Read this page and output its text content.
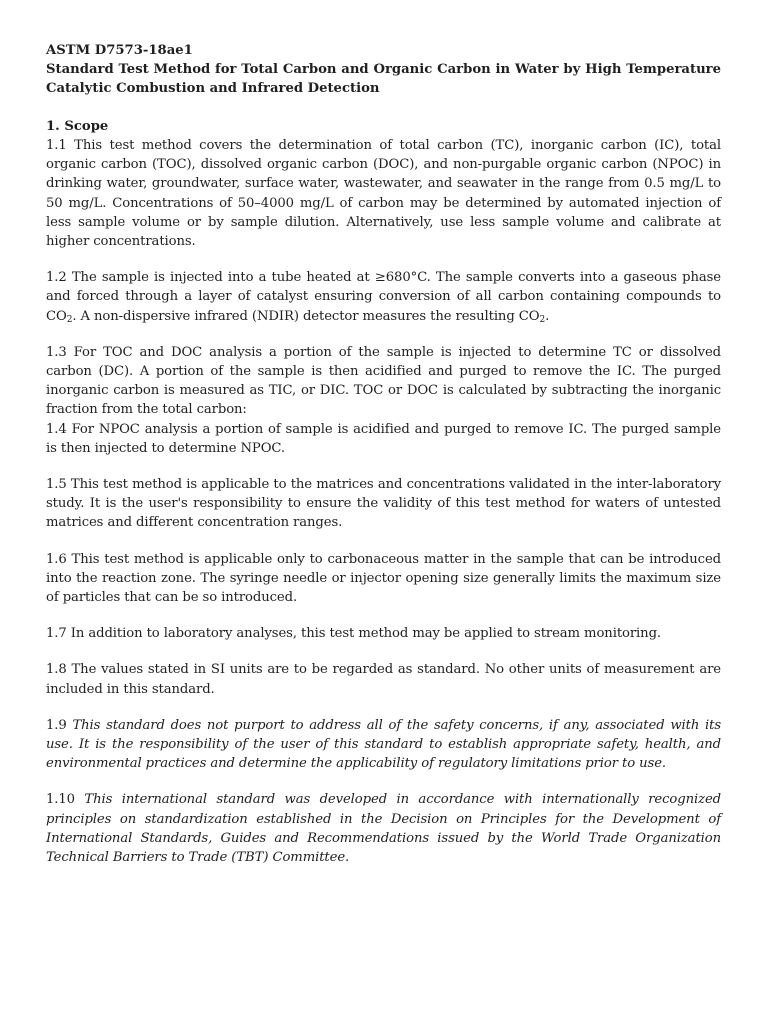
ASTM D7573-18ae1

Standard Test Method for Total Carbon and Organic Carbon in Water by High Temperature Catalytic Combustion and Infrared Detection

1. Scope

1.1 This test method covers the determination of total carbon (TC), inorganic carbon (IC), total organic carbon (TOC), dissolved organic carbon (DOC), and non-purgable organic carbon (NPOC) in drinking water, groundwater, surface water, wastewater, and seawater in the range from 0.5 mg/L to 50 mg/L. Concentrations of 50–4000 mg/L of carbon may be determined by automated injection of less sample volume or by sample dilution. Alternatively, use less sample volume and calibrate at higher concentrations.

1.2 The sample is injected into a tube heated at ≥680°C. The sample converts into a gaseous phase and forced through a layer of catalyst ensuring conversion of all carbon containing compounds to $CO_2$. A non-dispersive infrared (NDIR) detector measures the resulting $CO_2$.

1.3 For TOC and DOC analysis a portion of the sample is injected to determine TC or dissolved carbon (DC). A portion of the sample is then acidified and purged to remove the IC. The purged inorganic carbon is measured as TIC, or DIC. TOC or DOC is calculated by subtracting the inorganic fraction from the total carbon:

1.4 For NPOC analysis a portion of sample is acidified and purged to remove IC. The purged sample is then injected to determine NPOC.

1.5 This test method is applicable to the matrices and concentrations validated in the inter-laboratory study. It is the user's responsibility to ensure the validity of this test method for waters of untested matrices and different concentration ranges.

1.6 This test method is applicable only to carbonaceous matter in the sample that can be introduced into the reaction zone. The syringe needle or injector opening size generally limits the maximum size of particles that can be so introduced.

1.7 In addition to laboratory analyses, this test method may be applied to stream monitoring.

1.8 The values stated in SI units are to be regarded as standard. No other units of measurement are included in this standard.

1.9 This standard does not purport to address all of the safety concerns, if any, associated with its use. It is the responsibility of the user of this standard to establish appropriate safety, health, and environmental practices and determine the applicability of regulatory limitations prior to use.

1.10 This international standard was developed in accordance with internationally recognized principles on standardization established in the Decision on Principles for the Development of International Standards, Guides and Recommendations issued by the World Trade Organization Technical Barriers to Trade (TBT) Committee.
